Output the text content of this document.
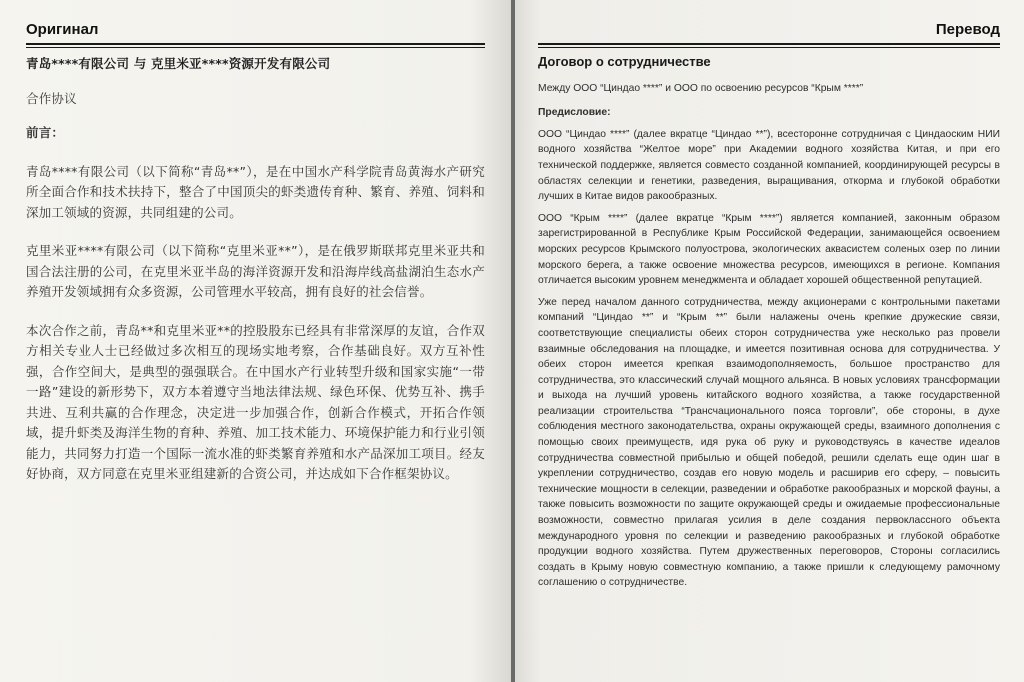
Оригинал

青岛****有限公司 与 克里米亚****资源开发有限公司

合作协议

前言：

青岛****有限公司（以下简称“青岛**”），是在中国水产科学院青岛黄海水产研究所全面合作和技术扶持下，整合了中国顶尖的虾类遗传育种、繁育、养殖、饲料和深加工领域的资源，共同组建的公司。

克里米亚****有限公司（以下简称“克里米亚**”），是在俄罗斯联邦克里米亚共和国合法注册的公司，在克里米亚半岛的海洋资源开发和沿海岸线高盐湖泊生态水产养殖开发领域拥有众多资源，公司管理水平较高，拥有良好的社会信誉。

本次合作之前，青岛**和克里米亚**的控股股东已经具有非常深厚的友谊，合作双方相关专业人士已经做过多次相互的现场实地考察，合作基础良好。双方互补性强，合作空间大，是典型的强强联合。在中国水产行业转型升级和国家实施“一带一路”建设的新形势下，双方本着遵守当地法律法规、绿色环保、优势互补、携手共进、互利共赢的合作理念，决定进一步加强合作，创新合作模式，开拓合作领域，提升虾类及海洋生物的育种、养殖、加工技术能力、环境保护能力和行业引领能力，共同努力打造一个国际一流水准的虾类繁育养殖和水产品深加工项目。经友好协商，双方同意在克里米亚组建新的合资公司，并达成如下合作框架协议。

Перевод

Договор о сотрудничестве

Между ООО “Циндао ****” и ООО по освоению ресурсов “Крым ****”

Предисловие:

ООО “Циндао ****” (далее вкратце “Циндао **”), всесторонне сотрудничая с Циндаоским НИИ водного хозяйства “Желтое море” при Академии водного хозяйства Китая, и при его технической поддержке, является совместо созданной компанией, координирующей ресурсы в областях селекции и генетики, разведения, выращивания, откорма и глубокой обработки лучших в Китае видов ракообразных.

ООО “Крым ****” (далее вкратце “Крым ****”) является компанией, законным образом зарегистрированной в Республике Крым Российской Федерации, занимающейся освоением морских ресурсов Крымского полуострова, экологических аквасистем соленых озер по линии морского берега, а также освоение множества ресурсов, имеющихся в регионе. Компания отличается высоким уровнем менеджмента и обладает хорошей общественной репутацией.

Уже перед началом данного сотрудничества, между акционерами с контрольными пакетами компаний “Циндао **” и “Крым **” были налажены очень крепкие дружеские связи, соответствующие специалисты обеих сторон сотрудничества уже несколько раз провели взаимные обследования на площадке, и имеется позитивная основа для сотрудничества. У обеих сторон имеется крепкая взаимодополняемость, большое пространство для сотрудничества, это классический случай мощного альянса. В новых условиях трансформации и выхода на лучший уровень китайского водного хозяйства, а также государственной реализации строительства “Трансчационального пояса торговли”, обе стороны, в духе соблюдения местного законодательства, охраны окружающей среды, взаимного дополнения с помощью своих преимуществ, идя рука об руку и руководствуясь в качестве идеалов сотрудничества совместной прибылью и общей победой, решили сделать еще один шаг в укреплении сотрудничество, создав его новую модель и расширив его сферу, – повысить технические мощности в селекции, разведении и обработке ракообразных и морской фауны, а также повысить возможности по защите окружающей среды и ожидаемые профессиональные возможности, совместно прилагая усилия в деле создания первоклассного объекта международного уровня по селекции и разведению ракообразных и глубокой обработке продукции водного хозяйства. Путем дружественных переговоров, Стороны согласились создать в Крыму новую совместную компанию, а также пришли к следующему рамочному соглашению о сотрудничестве.
